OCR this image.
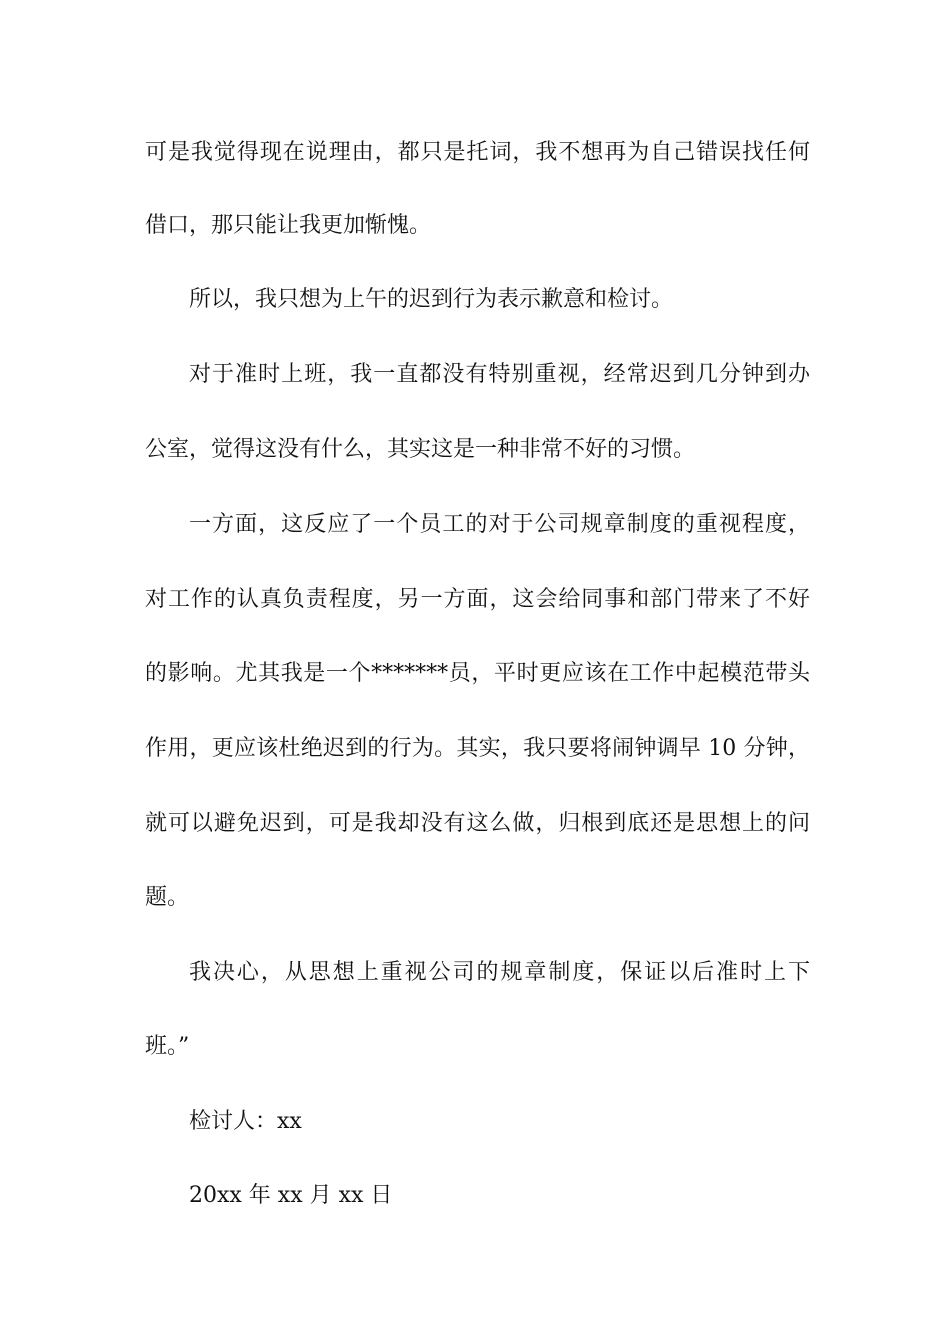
可是我觉得现在说理由，都只是托词，我不想再为自己错误找任何
借口，那只能让我更加惭愧。
所以，我只想为上午的迟到行为表示歉意和检讨。
对于准时上班，我一直都没有特别重视，经常迟到几分钟到办
公室，觉得这没有什么，其实这是一种非常不好的习惯。
一方面，这反应了一个员工的对于公司规章制度的重视程度，
对工作的认真负责程度，另一方面，这会给同事和部门带来了不好
的影响。尤其我是一个*******员，平时更应该在工作中起模范带头
作用，更应该杜绝迟到的行为。其实，我只要将闹钟调早 10 分钟，
就可以避免迟到，可是我却没有这么做，归根到底还是思想上的问
题。
我决心，从思想上重视公司的规章制度，保证以后准时上下
班。”
检讨人：xx
20xx 年 xx 月 xx 日
